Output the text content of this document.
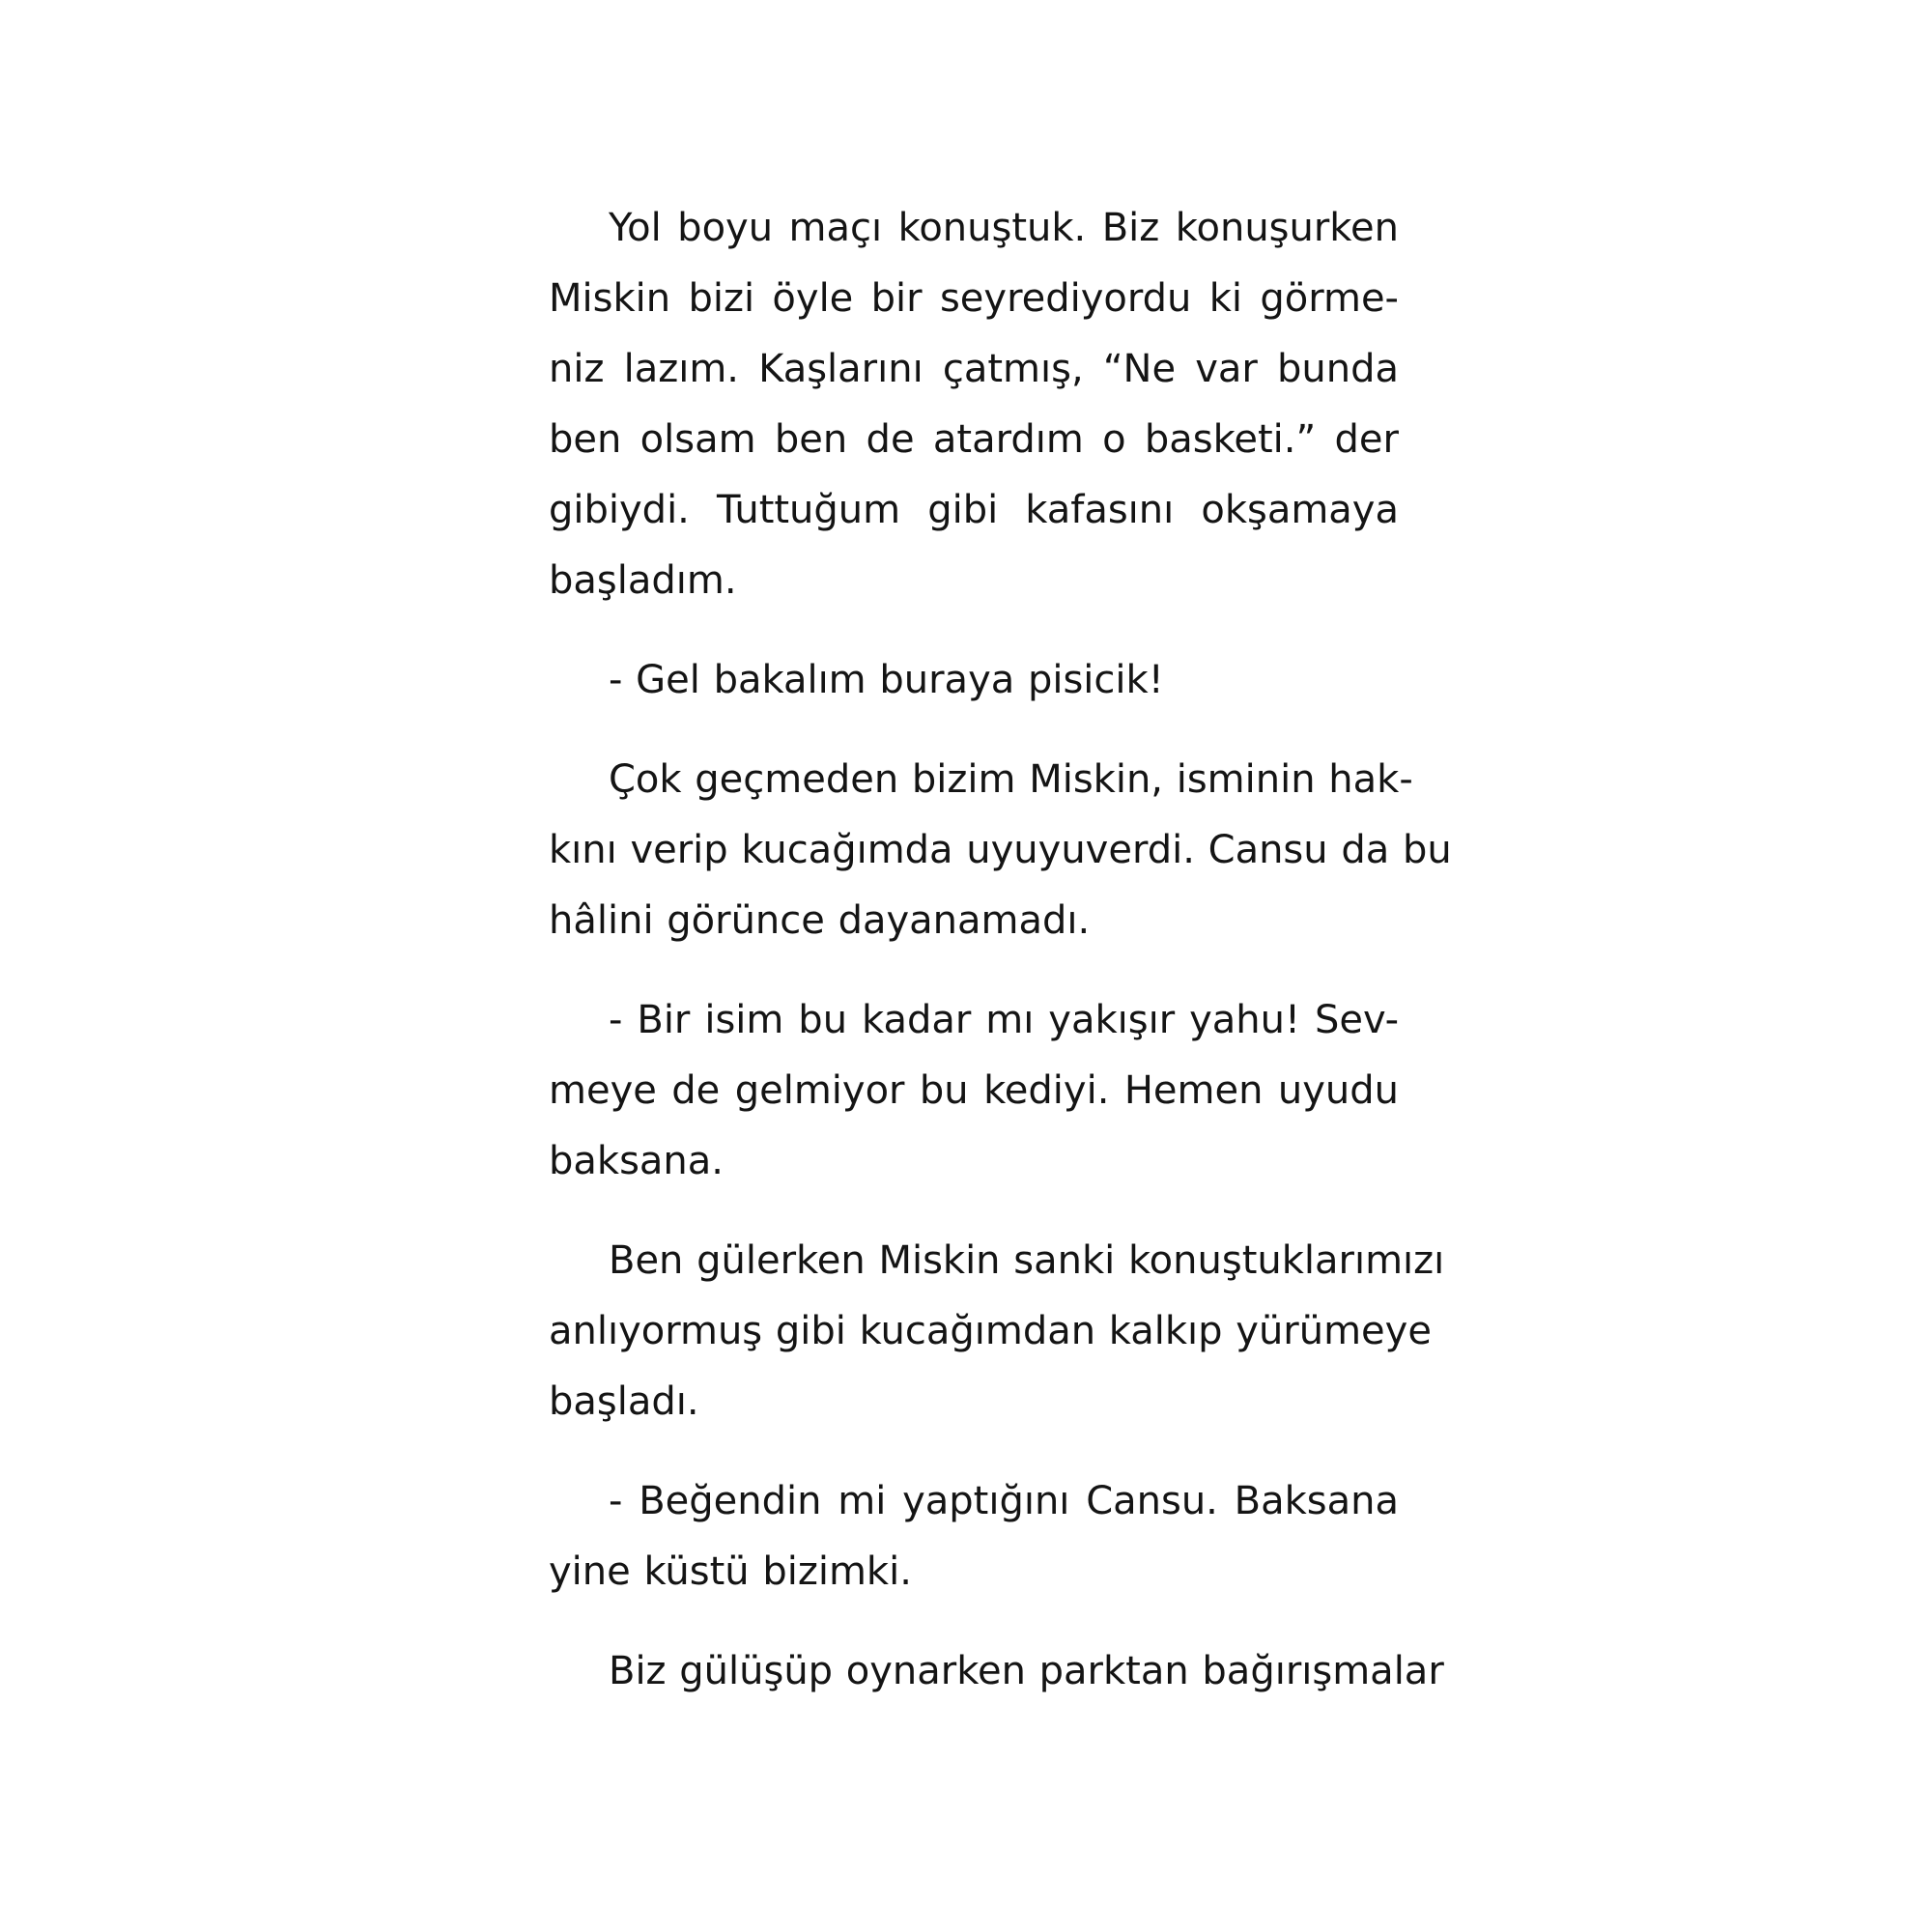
Yol boyu maçı konuştuk. Biz konuşurken
Miskin bizi öyle bir seyrediyordu ki görme-
niz lazım. Kaşlarını çatmış, “Ne var bunda
ben olsam ben de atardım o basketi.” der
gibiydi. Tuttuğum gibi kafasını okşamaya
başladım.

- Gel bakalım buraya pisicik!

Çok geçmeden bizim Miskin, isminin hak-
kını verip kucağımda uyuyuverdi. Cansu da bu
hâlini görünce dayanamadı.

- Bir isim bu kadar mı yakışır yahu! Sev-
meye de gelmiyor bu kediyi. Hemen uyudu
baksana.

Ben gülerken Miskin sanki konuştuklarımızı
anlıyormuş gibi kucağımdan kalkıp yürümeye
başladı.

- Beğendin mi yaptığını Cansu. Baksana
yine küstü bizimki.

Biz gülüşüp oynarken parktan bağırışmalar
